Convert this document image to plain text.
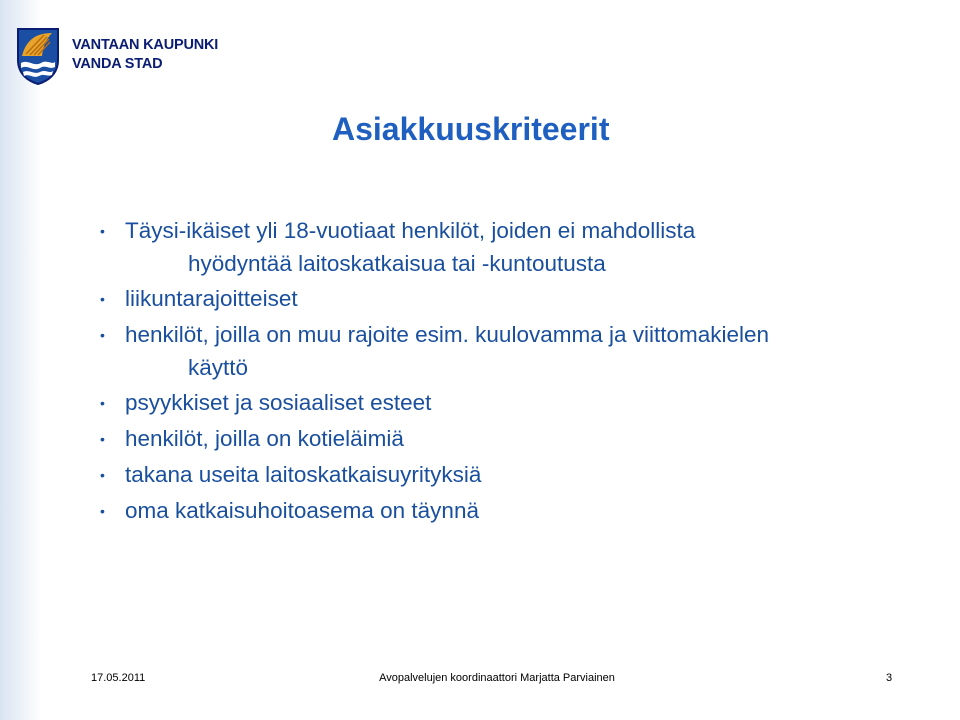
VANTAAN KAUPUNKI
VANDA STAD
Asiakkuuskriteerit
• Täysi-ikäiset yli 18-vuotiaat henkilöt, joiden ei mahdollista
hyödyntää laitoskatkaisua tai -kuntoutusta
• liikuntarajoitteiset
• henkilöt, joilla on muu rajoite esim. kuulovamma ja viittomakielen
käyttö
• psyykkiset ja sosiaaliset esteet
• henkilöt, joilla on kotieläimiä
• takana useita laitoskatkaisuyrityksiä
• oma katkaisuhoitoasema on täynnä
17.05.2011	Avopalvelujen koordinaattori Marjatta Parviainen	3
